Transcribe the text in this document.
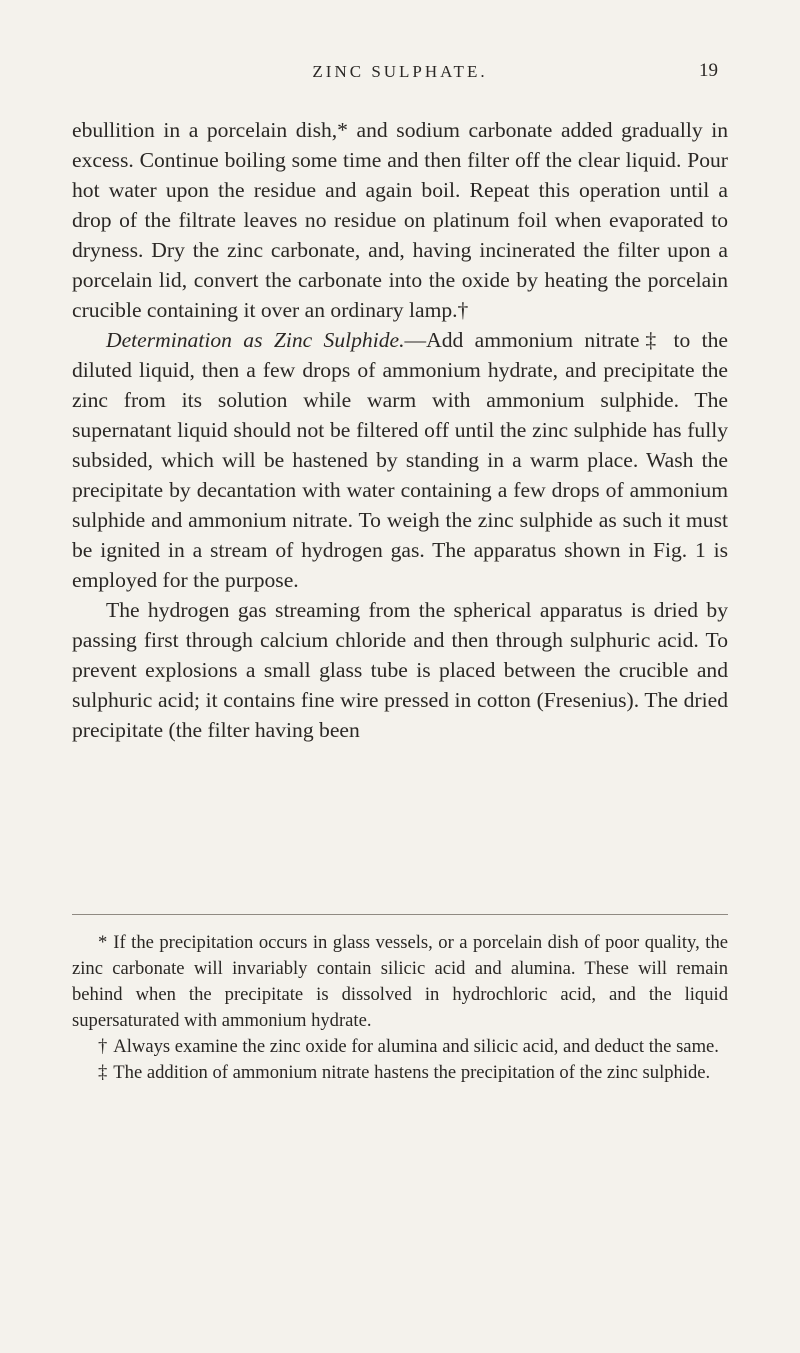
ZINC SULPHATE.	19

ebullition in a porcelain dish,* and sodium carbonate added gradually in excess. Continue boiling some time and then filter off the clear liquid. Pour hot water upon the residue and again boil. Repeat this operation until a drop of the filtrate leaves no residue on platinum foil when evaporated to dryness. Dry the zinc carbonate, and, having incinerated the filter upon a porcelain lid, convert the carbonate into the oxide by heating the porcelain crucible containing it over an ordinary lamp.†

Determination as Zinc Sulphide.—Add ammonium nitrate‡ to the diluted liquid, then a few drops of ammonium hydrate, and precipitate the zinc from its solution while warm with ammonium sulphide. The supernatant liquid should not be filtered off until the zinc sulphide has fully subsided, which will be hastened by standing in a warm place. Wash the precipitate by decantation with water containing a few drops of ammonium sulphide and ammonium nitrate. To weigh the zinc sulphide as such it must be ignited in a stream of hydrogen gas. The apparatus shown in Fig. 1 is employed for the purpose.

The hydrogen gas streaming from the spherical apparatus is dried by passing first through calcium chloride and then through sulphuric acid. To prevent explosions a small glass tube is placed between the crucible and sulphuric acid; it contains fine wire pressed in cotton (Fresenius). The dried precipitate (the filter having been

* If the precipitation occurs in glass vessels, or a porcelain dish of poor quality, the zinc carbonate will invariably contain silicic acid and alumina. These will remain behind when the precipitate is dissolved in hydrochloric acid, and the liquid supersaturated with ammonium hydrate.

† Always examine the zinc oxide for alumina and silicic acid, and deduct the same.

‡ The addition of ammonium nitrate hastens the precipitation of the zinc sulphide.
